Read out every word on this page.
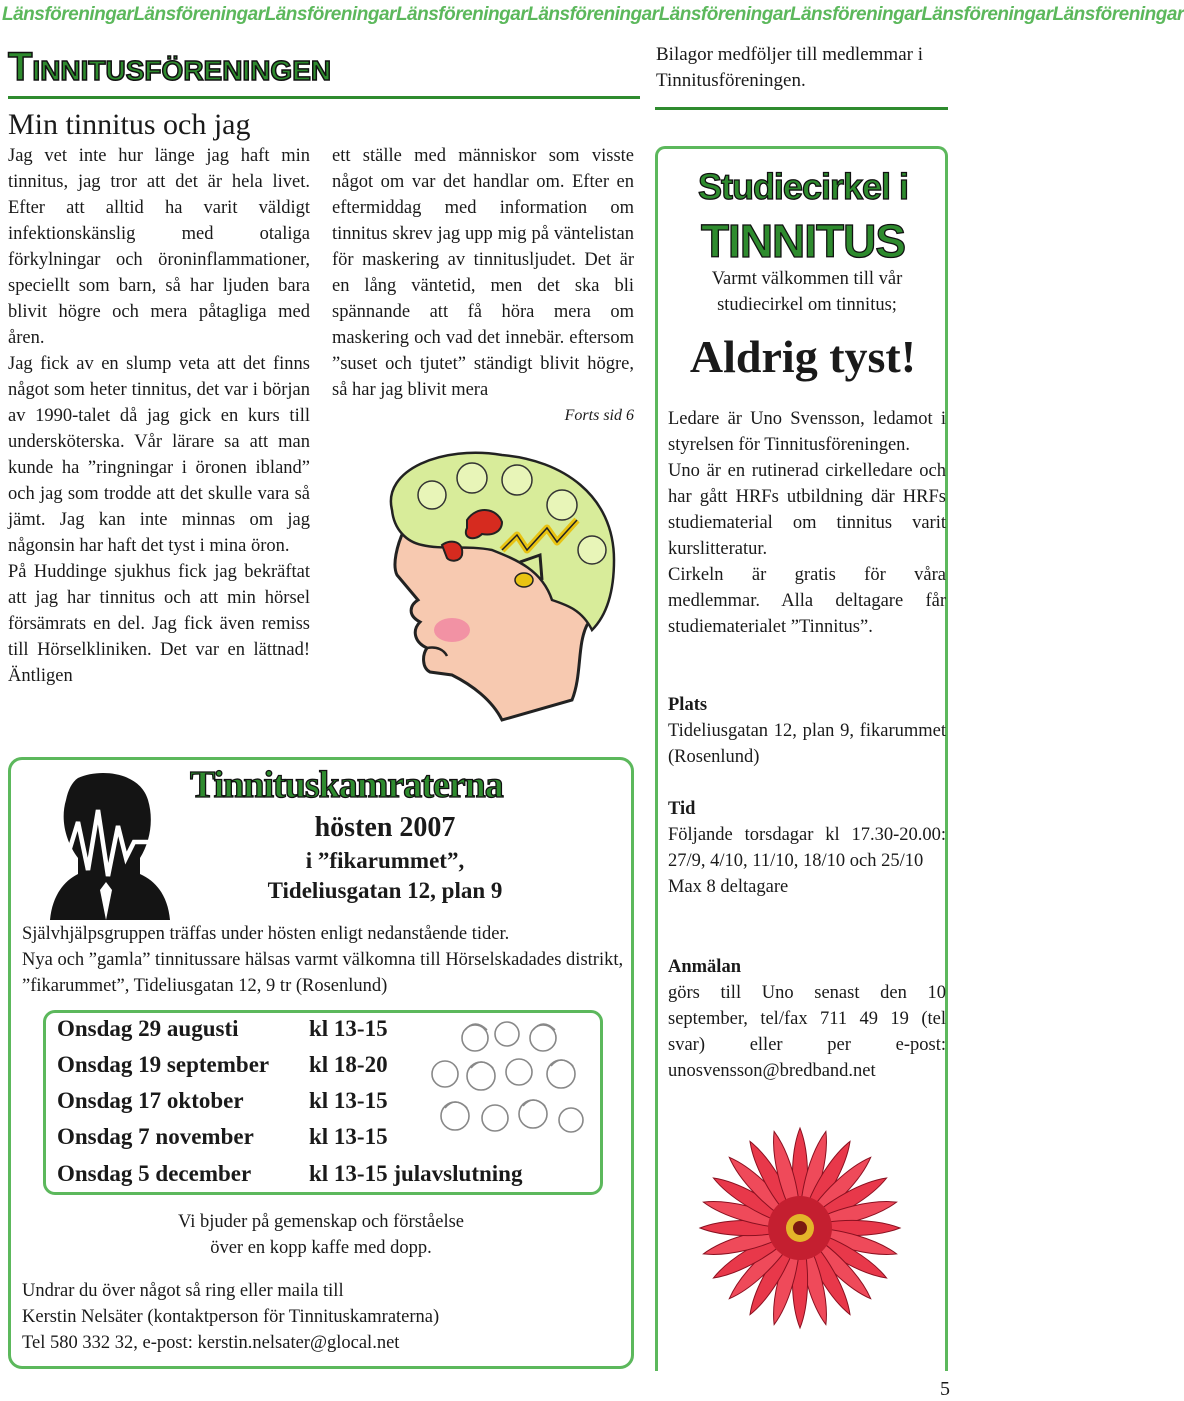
Länsföreningar Länsföreningar Länsföreningar Länsföreningar Länsföreningar Länsföreningar Länsföreningar Länsföreningar Länsföreningar
Tinnitusföreningen
Min tinnitus och jag

Jag vet inte hur länge jag haft min tinnitus, jag tror att det är hela livet. Efter att alltid ha varit väldigt infektionskänslig med otaliga förkylningar och öroninflammationer, speciellt som barn, så har ljuden bara blivit högre och mera påtagliga med åren.

Jag fick av en slump veta att det finns något som heter tinnitus, det var i början av 1990-talet då jag gick en kurs till undersköterska. Vår lärare sa att man kunde ha ”ringningar i öronen ibland” och jag som trodde att det skulle vara så jämt. Jag kan inte minnas om jag någonsin har haft det tyst i mina öron.

På Huddinge sjukhus fick jag bekräftat att jag har tinnitus och att min hörsel försämrats en del. Jag fick även remiss till Hörselkliniken. Det var en lättnad! Äntligen

ett ställe med människor som visste något om var det handlar om. Efter en eftermiddag med information om tinnitus skrev jag upp mig på väntelistan för maskering av tinnitusljudet. Det är en lång väntetid, men det ska bli spännande att få höra mera om maskering och vad det innebär. eftersom ”suset och tjutet” ständigt blivit högre, så har jag blivit mera

Forts sid 6

Bilagor medföljer till medlemmar i Tinnitusföreningen.
Studiecirkel i
TINNITUS
Varmt välkommen till vår studiecirkel om tinnitus;
Aldrig tyst!

Ledare är Uno Svensson, ledamot i styrelsen för Tinnitusföreningen.

Uno är en rutinerad cirkelledare och har gått HRFs utbildning där HRFs studiematerial om tinnitus varit kurslitteratur.

Cirkeln är gratis för våra medlemmar. Alla deltagare får studiematerialet ”Tinnitus”.

Plats

Tideliusgatan 12, plan 9, fikarummet (Rosenlund)

Tid

Följande torsdagar kl 17.30-20.00: 27/9, 4/10, 11/10, 18/10 och 25/10

Max 8 deltagare

Anmälan

görs till Uno senast den 10 september, tel/fax 711 49 19 (tel svar) eller per e-post: unosvensson@bredband.net

Tinnituskamraterna
hösten 2007
i ”fikarummet”,
Tideliusgatan 12, plan 9

Självhjälpsgruppen träffas under hösten enligt nedanstående tider.

Nya och ”gamla” tinnitussare hälsas varmt välkomna till Hörselskadades distrikt, ”fikarummet”, Tideliusgatan 12, 9 tr (Rosenlund)

Onsdag 29 augusti	kl 13-15
Onsdag 19 september kl 18-20
Onsdag 17 oktober	kl 13-15
Onsdag 7 november kl 13-15
Onsdag 5 december	kl 13-15 julavslutning

Vi bjuder på gemenskap och förståelse

över en kopp kaffe med dopp.

Undrar du över något så ring eller maila till

Kerstin Nelsäter (kontaktperson för Tinnituskamraterna)

Tel 580 332 32, e-post: kerstin.nelsater@glocal.net

5
